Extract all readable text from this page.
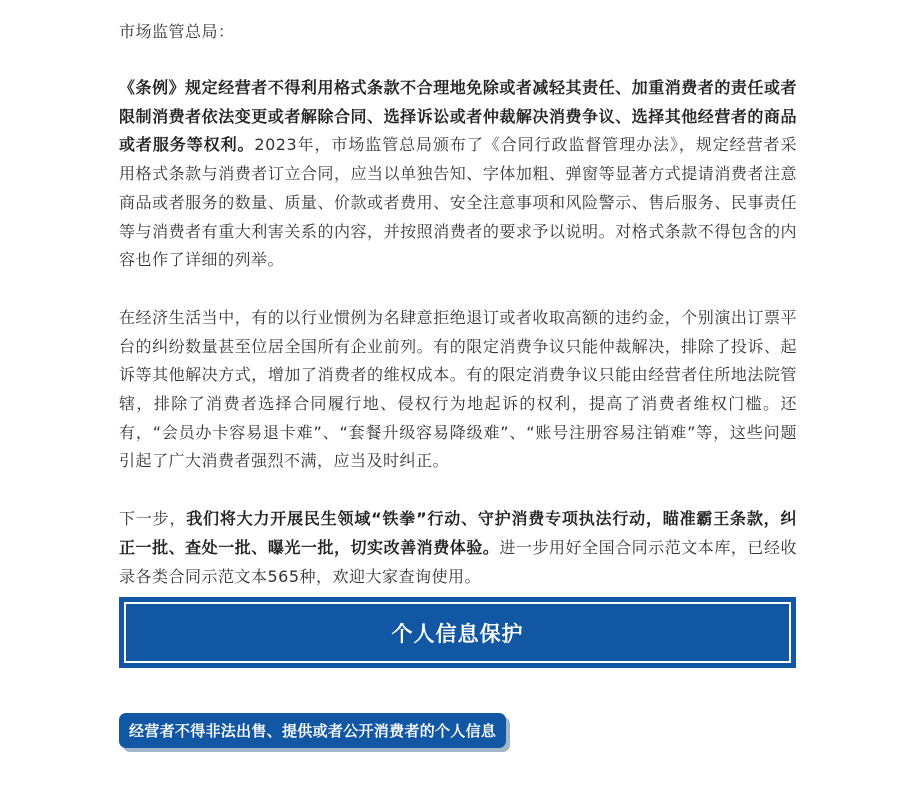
市场监管总局：

《条例》规定经营者不得利用格式条款不合理地免除或者减轻其责任、加重消费者的责任或者限制消费者依法变更或者解除合同、选择诉讼或者仲裁解决消费争议、选择其他经营者的商品或者服务等权利。2023年，市场监管总局颁布了《合同行政监督管理办法》，规定经营者采用格式条款与消费者订立合同，应当以单独告知、字体加粗、弹窗等显著方式提请消费者注意商品或者服务的数量、质量、价款或者费用、安全注意事项和风险警示、售后服务、民事责任等与消费者有重大利害关系的内容，并按照消费者的要求予以说明。对格式条款不得包含的内容也作了详细的列举。

在经济生活当中，有的以行业惯例为名肆意拒绝退订或者收取高额的违约金，个别演出订票平台的纠纷数量甚至位居全国所有企业前列。有的限定消费争议只能仲裁解决，排除了投诉、起诉等其他解决方式，增加了消费者的维权成本。有的限定消费争议只能由经营者住所地法院管辖，排除了消费者选择合同履行地、侵权行为地起诉的权利，提高了消费者维权门槛。还有，“会员办卡容易退卡难”、“套餐升级容易降级难”、“账号注册容易注销难”等，这些问题引起了广大消费者强烈不满，应当及时纠正。

下一步，我们将大力开展民生领域“铁拳”行动、守护消费专项执法行动，瞄准霸王条款，纠正一批、查处一批、曝光一批，切实改善消费体验。进一步用好全国合同示范文本库，已经收录各类合同示范文本565种，欢迎大家查询使用。

个人信息保护
经营者不得非法出售、提供或者公开消费者的个人信息
